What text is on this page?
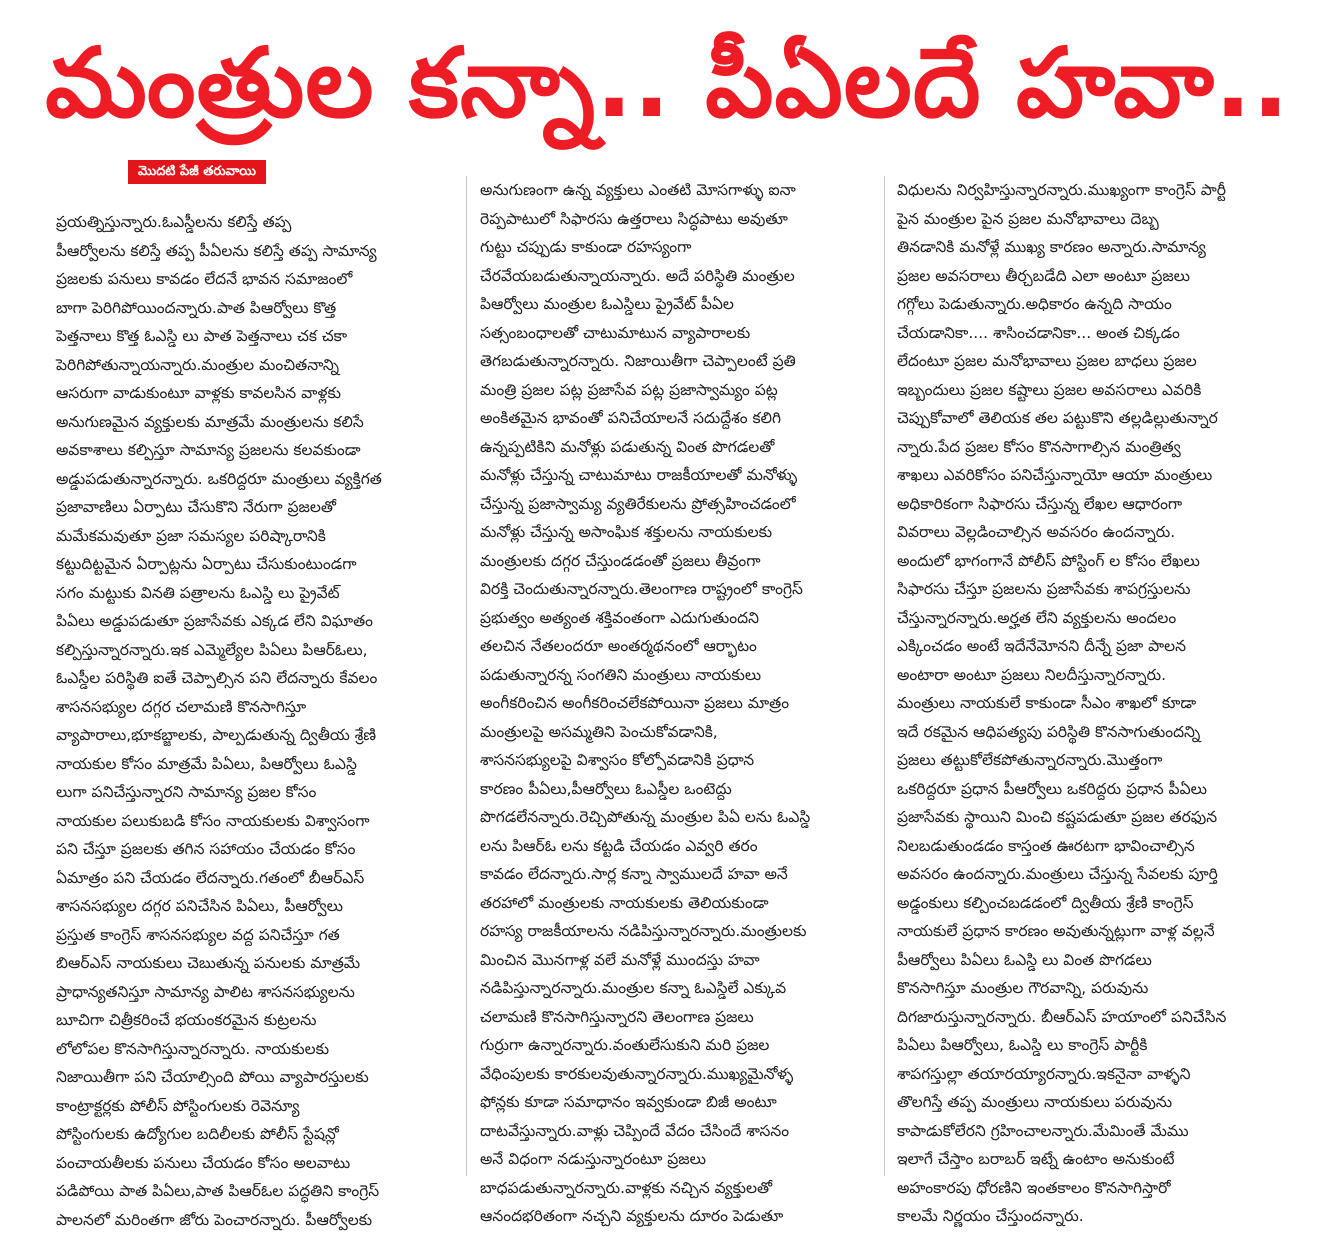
మంత్రుల కన్నా.. పీఏలదే హవా..
మొదటి పేజీ తరువాయి

ప్రయత్నిస్తున్నారు.ఓఎస్డీలను కలిస్తే తప్ప

పీఆర్వోలను కలిస్తే తప్ప పీఏలను కలిస్తే తప్ప సామాన్య

ప్రజలకు పనులు కావడం లేదనే భావన సమాజంలో

బాగా పెరిగిపోయిందన్నారు.పాత పిఆర్వోలు కొత్త

పెత్తనాలు కొత్త ఓఎస్డి లు పాత పెత్తనాలు చక చకా

పెరిగిపోతున్నాయన్నారు.మంత్రుల మంచితనాన్ని

ఆసరుగా వాడుకుంటూ వాళ్లకు కావలసిన వాళ్లకు

అనుగుణమైన వ్యక్తులకు మాత్రమే మంత్రులను కలిసే

అవకాశాలు కల్పిస్తూ సామాన్య ప్రజలను కలవకుండా

అడ్డుపడుతున్నారన్నారు. ఒకరిద్దరూ మంత్రులు వ్యక్తిగత

ప్రజావాణిలు ఏర్పాటు చేసుకొని నేరుగా ప్రజలతో

మమేకమవుతూ ప్రజా సమస్యల పరిష్కారానికి

కట్టుదిట్టమైన ఏర్పాట్లను ఏర్పాటు చేసుకుంటుండగా

సగం మట్టుకు వినతి పత్రాలను ఓఎస్డి లు ప్రైవేట్

పిఏలు అడ్డుపడుతూ ప్రజాసేవకు ఎక్కడ లేని విఘాతం

కల్పిస్తున్నారన్నారు.ఇక ఎమ్మెల్యేల పిఏలు పిఆర్ఓలు,

ఓఎస్డీల పరిస్థితి ఐతే చెప్పాల్సిన పని లేదన్నారు కేవలం

శాసనసభ్యుల దగ్గర చలామణి కొనసాగిస్తూ

వ్యాపారాలు,భూకబ్జాలకు, పాల్పడుతున్న ద్వితీయ శ్రేణి

నాయకుల కోసం మాత్రమే పిఏలు, పిఆర్వోలు ఓఎస్డి

లుగా పనిచేస్తున్నారని సామాన్య ప్రజల కోసం

నాయకుల పలుకుబడి కోసం నాయకులకు విశ్వాసంగా

పని చేస్తూ ప్రజలకు తగిన సహాయం చేయడం కోసం

ఏమాత్రం పని చేయడం లేదన్నారు.గతంలో బీఆర్ఎస్

శాసనసభ్యుల దగ్గర పనిచేసిన పిఏలు, పీఆర్వోలు

ప్రస్తుత కాంగ్రెస్ శాసనసభ్యుల వద్ద పనిచేస్తూ గత

బిఆర్ఎస్ నాయకులు చెబుతున్న పనులకు మాత్రమే

ప్రాధాన్యతనిస్తూ సామాన్య పాలిట శాసనసభ్యులను

బూచిగా చిత్రీకరించే భయంకరమైన కుట్రలను

లోలోపల కొనసాగిస్తున్నారన్నారు. నాయకులకు

నిజాయితీగా పని చేయాల్సింది పోయి వ్యాపారస్తులకు

కాంట్రాక్టర్లకు పోలీస్ పోస్టింగులకు రెవెన్యూ

పోస్టింగులకు ఉద్యోగుల బదిలీలకు పోలీస్ స్టేషన్లో

పంచాయతీలకు పనులు చేయడం కోసం అలవాటు

పడిపోయి పాత పిఏలు,పాత పిఆర్ఓల పద్ధతిని కాంగ్రెస్

పాలనలో మరింతగా జోరు పెంచారన్నారు. పీఆర్వోలకు

అనుగుణంగా ఉన్న వ్యక్తులు ఎంతటి మోసగాళ్ళు ఐనా

రెప్పపాటులో సిఫారసు ఉత్తరాలు సిద్ధపాటు అవుతూ

గుట్టు చప్పుడు కాకుండా రహస్యంగా

చేరవేయబడుతున్నాయన్నారు. అదే పరిస్థితి మంత్రుల

పిఆర్వోలు మంత్రుల ఓఎస్డిలు ప్రైవేట్ పీఏల

సత్సంబంధాలతో చాటుమాటున వ్యాపారాలకు

తెగబడుతున్నారన్నారు. నిజాయితీగా చెప్పాలంటే ప్రతి

మంత్రి ప్రజల పట్ల ప్రజాసేవ పట్ల ప్రజాస్వామ్యం పట్ల

అంకితమైన భావంతో పనిచేయాలనే సదుద్దేశం కలిగి

ఉన్నప్పటికిని మనోళ్లు పడుతున్న వింత పొగడలతో

మనోళ్లు చేస్తున్న చాటుమాటు రాజకీయాలతో మనోళ్ళు

చేస్తున్న ప్రజాస్వామ్య వ్యతిరేకులను ప్రోత్సహించడంలో

మనోళ్లు చేస్తున్న అసాంఘిక శక్తులను నాయకులకు

మంత్రులకు దగ్గర చేస్తుండడంతో ప్రజలు తీవ్రంగా

విరక్తి చెందుతున్నారన్నారు.తెలంగాణ రాష్ట్రంలో కాంగ్రెస్

ప్రభుత్వం అత్యంత శక్తివంతంగా ఎదుగుతుందని

తలచిన నేతలందరూ అంతర్మథనంలో ఆర్భాటం

పడుతున్నారన్న సంగతిని మంత్రులు నాయకులు

అంగీకరించిన అంగీకరించలేకపోయినా ప్రజలు మాత్రం

మంత్రులపై అసమ్మతిని పెంచుకోవడానికి,

శాసనసభ్యులపై విశ్వాసం కోల్పోవడానికి ప్రధాన

కారణం పీఏలు,పీఆర్వోలు ఓఎస్డీల ఒంటెద్దు

పొగడలేనన్నారు.రెచ్చిపోతున్న మంత్రుల పిఏ లను ఓఎస్డి

లను పిఆర్ఓ లను కట్టడి చేయడం ఎవ్వరి తరం

కావడం లేదన్నారు.సార్ల కన్నా స్వాములదే హవా అనే

తరహాలో మంత్రులకు నాయకులకు తెలియకుండా

రహస్య రాజకీయాలను నడిపిస్తున్నారన్నారు.మంత్రులకు

మించిన మొనగాళ్ల వలే మనోళ్లే ముందస్తు హవా

నడిపిస్తున్నారన్నారు.మంత్రుల కన్నా ఓఎస్డిలే ఎక్కువ

చలామణి కొనసాగిస్తున్నారని తెలంగాణ ప్రజలు

గుర్రుగా ఉన్నారన్నారు.వంతులేసుకుని మరి ప్రజల

వేధింపులకు కారకులవుతున్నారన్నారు.ముఖ్యమైనోళ్ళ

ఫోన్లకు కూడా సమాధానం ఇవ్వకుండా బిజీ అంటూ

దాటవేస్తున్నారు.వాళ్లు చెప్పిందే వేదం చేసిందే శాసనం

అనే విధంగా నడుస్తున్నారంటూ ప్రజలు

బాధపడుతున్నారన్నారు.వాళ్లకు నచ్చిన వ్యక్తులతో

ఆనందభరితంగా నచ్చని వ్యక్తులను దూరం పెడుతూ

విధులను నిర్వహిస్తున్నారన్నారు.ముఖ్యంగా కాంగ్రెస్ పార్టీ

పైన మంత్రుల పైన ప్రజల మనోభావాలు దెబ్బ

తినడానికి మనోళ్లే ముఖ్య కారణం అన్నారు.సామాన్య

ప్రజల అవసరాలు తీర్చబడేది ఎలా అంటూ ప్రజలు

గగ్గోలు పెడుతున్నారు.అధికారం ఉన్నది సాయం

చేయడానికా.... శాసించడానికా... అంత చిక్కడం

లేదంటూ ప్రజల మనోభావాలు ప్రజల బాధలు ప్రజల

ఇబ్బందులు ప్రజల కష్టాలు ప్రజల అవసరాలు ఎవరికి

చెప్పుకోవాలో తెలియక తల పట్టుకొని తల్లడిల్లుతున్నార

న్నారు.పేద ప్రజల కోసం కొనసాగాల్సిన మంత్రిత్వ

శాఖలు ఎవరికోసం పనిచేస్తున్నాయో ఆయా మంత్రులు

అధికారికంగా సిఫారసు చేస్తున్న లేఖల ఆధారంగా

వివరాలు వెల్లడించాల్సిన అవసరం ఉందన్నారు.

అందులో భాగంగానే పోలీస్ పోస్టింగ్ ల కోసం లేఖలు

సిఫారసు చేస్తూ ప్రజలను ప్రజాసేవకు శాపగ్రస్తులను

చేస్తున్నారన్నారు.అర్హత లేని వ్యక్తులను అందలం

ఎక్కించడం అంటే ఇదేనేమోనని దీన్నే ప్రజా పాలన

అంటారా అంటూ ప్రజలు నిలదీస్తున్నారన్నారు.

మంత్రులు నాయకులే కాకుండా సీఎం శాఖలో కూడా

ఇదే రకమైన ఆధిపత్యపు పరిస్థితి కొనసాగుతుందన్ని

ప్రజలు తట్టుకోలేకపోతున్నారన్నారు.మొత్తంగా

ఒకరిద్దరూ ప్రధాన పీఆర్వోలు ఒకరిద్దరు ప్రధాన పీఏలు

ప్రజాసేవకు స్థాయిని మించి కష్టపడుతూ ప్రజల తరఫున

నిలబడుతుండడం కాస్తంత ఊరటగా భావించాల్సిన

అవసరం ఉందన్నారు.మంత్రులు చేస్తున్న సేవలకు పూర్తి

అడ్డంకులు కల్పించబడడంలో ద్వితీయ శ్రేణి కాంగ్రెస్

నాయకులే ప్రధాన కారణం అవుతున్నట్లుగా వాళ్ల వల్లనే

పీఆర్వోలు పిఏలు ఓఎస్డి లు వింత పొగడలు

కొనసాగిస్తూ మంత్రుల గౌరవాన్ని, పరువును

దిగజారుస్తున్నారన్నారు. బీఆర్ఎస్ హయాంలో పనిచేసిన

పిఏలు పిఆర్వోలు, ఓఎస్డి లు కాంగ్రెస్ పార్టీకి

శాపగస్తుల్లా తయారయ్యారన్నారు.ఇకనైనా వాళ్ళని

తొలగిస్తే తప్ప మంత్రులు నాయకులు పరువును

కాపాడుకోలేరని గ్రహించాలన్నారు.మేమింతే మేము

ఇలాగే చేస్తాం బరాబర్ ఇట్నే ఉంటాం అనుకుంటే

అహంకారపు ధోరణిని ఇంతకాలం కొనసాగిస్తారో

కాలమే నిర్ణయం చేస్తుందన్నారు.
